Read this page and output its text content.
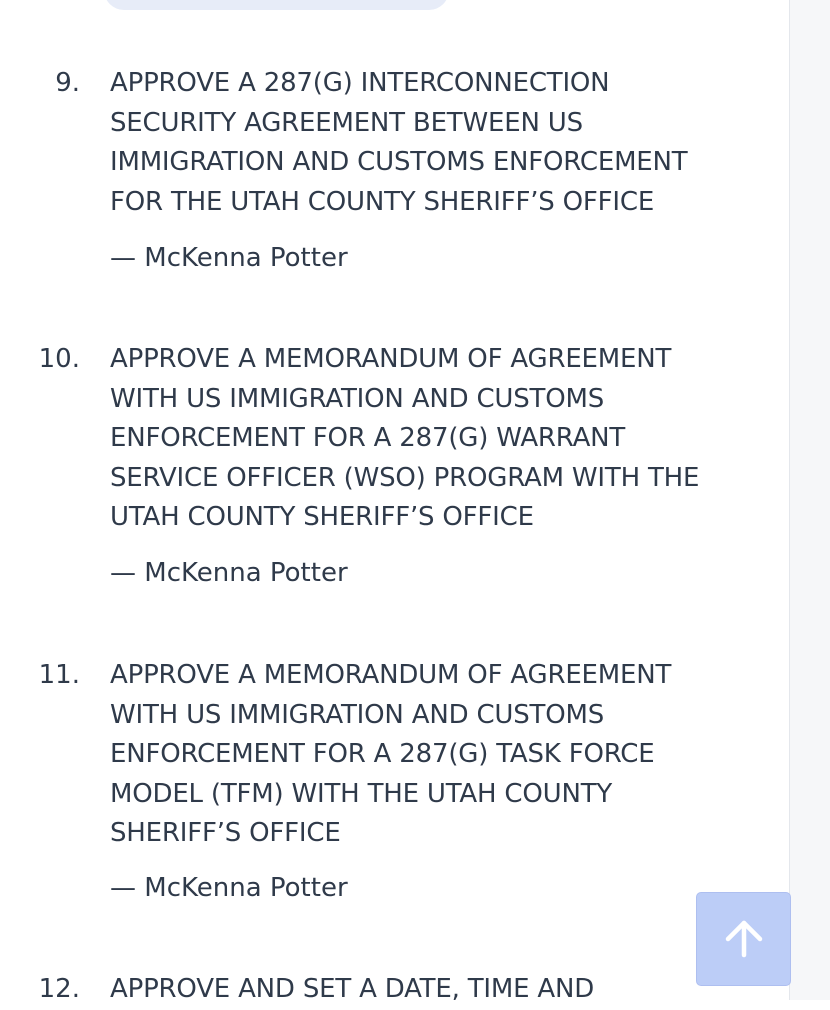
9. APPROVE A 287(G) INTERCONNECTION SECURITY AGREEMENT BETWEEN US IMMIGRATION AND CUSTOMS ENFORCEMENT FOR THE UTAH COUNTY SHERIFF’S OFFICE
— McKenna Potter
10. APPROVE A MEMORANDUM OF AGREEMENT WITH US IMMIGRATION AND CUSTOMS ENFORCEMENT FOR A 287(G) WARRANT SERVICE OFFICER (WSO) PROGRAM WITH THE UTAH COUNTY SHERIFF’S OFFICE
— McKenna Potter
11. APPROVE A MEMORANDUM OF AGREEMENT WITH US IMMIGRATION AND CUSTOMS ENFORCEMENT FOR A 287(G) TASK FORCE MODEL (TFM) WITH THE UTAH COUNTY SHERIFF’S OFFICE
— McKenna Potter
12. APPROVE AND SET A DATE, TIME AND
